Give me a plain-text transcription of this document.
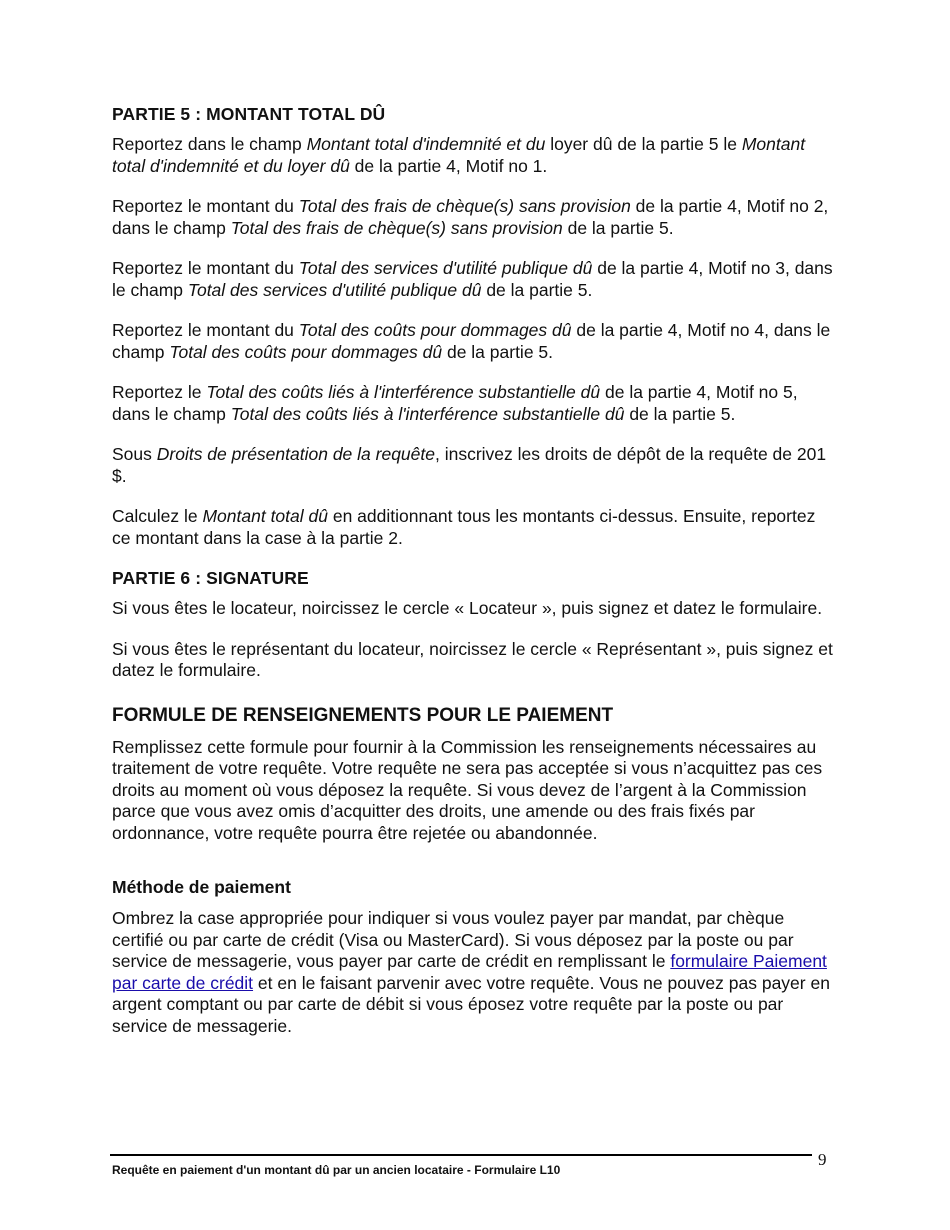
PARTIE 5 : MONTANT TOTAL DÛ

Reportez dans le champ Montant total d'indemnité et du loyer dû de la partie 5 le Montant total d'indemnité et du loyer dû de la partie 4, Motif no 1.

Reportez le montant du Total des frais de chèque(s) sans provision de la partie 4, Motif no 2, dans le champ Total des frais de chèque(s) sans provision de la partie 5.

Reportez le montant du Total des services d'utilité publique dû de la partie 4, Motif no 3, dans le champ Total des services d'utilité publique dû de la partie 5.

Reportez le montant du Total des coûts pour dommages dû de la partie 4, Motif no 4, dans le champ Total des coûts pour dommages dû de la partie 5.

Reportez le Total des coûts liés à l'interférence substantielle dû de la partie 4, Motif no 5, dans le champ Total des coûts liés à l'interférence substantielle dû de la partie 5.

Sous Droits de présentation de la requête, inscrivez les droits de dépôt de la requête de 201 $.

Calculez le Montant total dû en additionnant tous les montants ci-dessus. Ensuite, reportez ce montant dans la case à la partie 2.

PARTIE 6 : SIGNATURE

Si vous êtes le locateur, noircissez le cercle « Locateur », puis signez et datez le formulaire.

Si vous êtes le représentant du locateur, noircissez le cercle « Représentant », puis signez et datez le formulaire.

FORMULE DE RENSEIGNEMENTS POUR LE PAIEMENT

Remplissez cette formule pour fournir à la Commission les renseignements nécessaires au traitement de votre requête. Votre requête ne sera pas acceptée si vous n’acquittez pas ces droits au moment où vous déposez la requête. Si vous devez de l’argent à la Commission parce que vous avez omis d’acquitter des droits, une amende ou des frais fixés par ordonnance, votre requête pourra être rejetée ou abandonnée.

Méthode de paiement

Ombrez la case appropriée pour indiquer si vous voulez payer par mandat, par chèque certifié ou par carte de crédit (Visa ou MasterCard). Si vous déposez par la poste ou par service de messagerie, vous payer par carte de crédit en remplissant le formulaire Paiement par carte de crédit et en le faisant parvenir avec votre requête. Vous ne pouvez pas payer en argent comptant ou par carte de débit si vous éposez votre requête par la poste ou par service de messagerie.

Requête en paiement d'un montant dû par un ancien locataire - Formulaire L10
9
